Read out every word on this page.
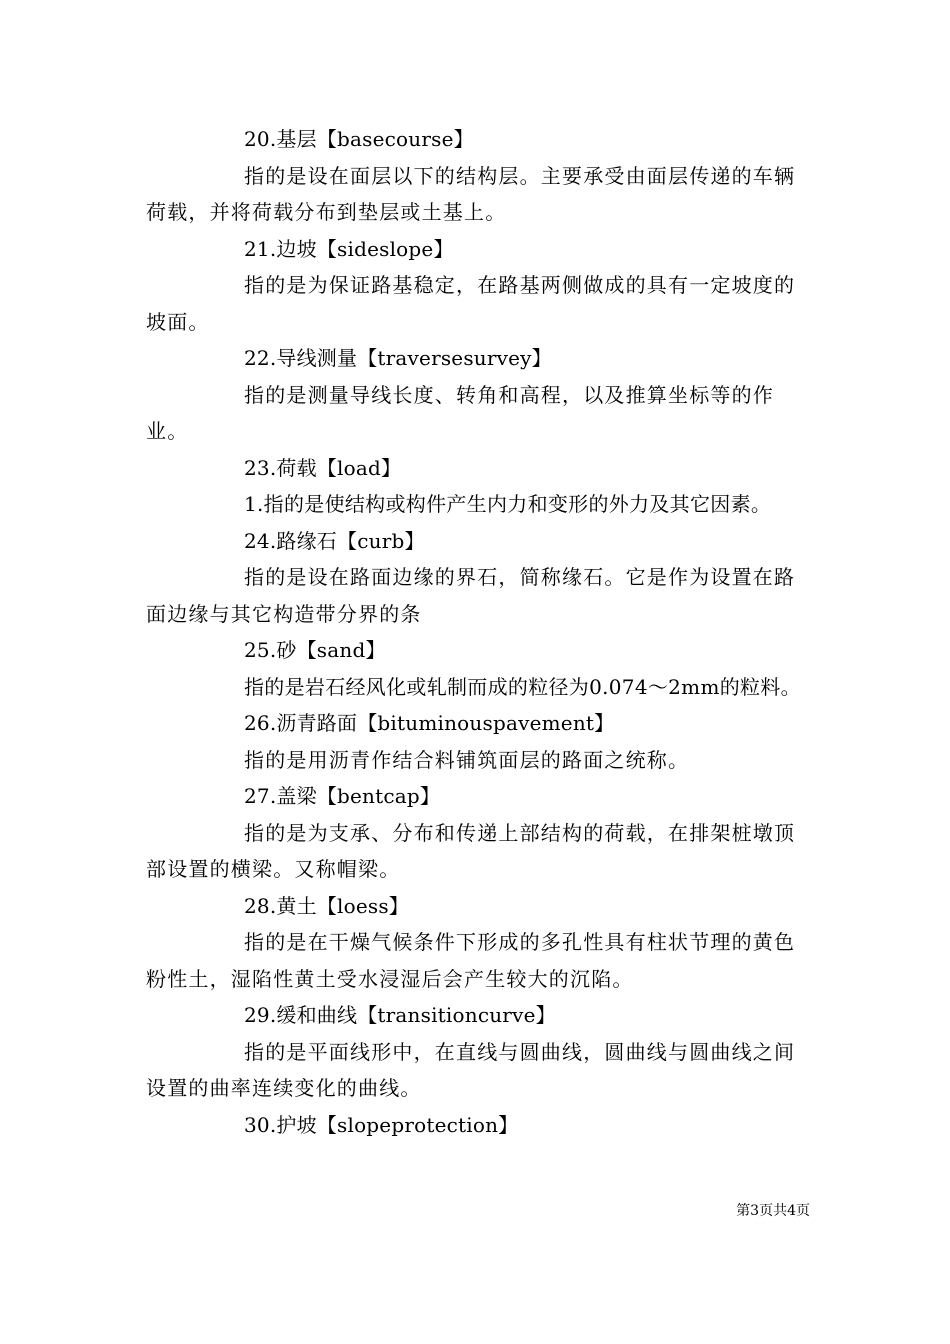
20.基层【basecourse】

指的是设在面层以下的结构层。主要承受由面层传递的车辆荷载，并将荷载分布到垫层或土基上。

21.边坡【sideslope】

指的是为保证路基稳定，在路基两侧做成的具有一定坡度的坡面。

22.导线测量【traversesurvey】

指的是测量导线长度、转角和高程，以及推算坐标等的作业。

23.荷载【load】

1.指的是使结构或构件产生内力和变形的外力及其它因素。

24.路缘石【curb】

指的是设在路面边缘的界石，简称缘石。它是作为设置在路面边缘与其它构造带分界的条

25.砂【sand】

指的是岩石经风化或轧制而成的粒径为0.074～2mm的粒料。

26.沥青路面【bituminouspavement】

指的是用沥青作结合料铺筑面层的路面之统称。

27.盖梁【bentcap】

指的是为支承、分布和传递上部结构的荷载，在排架桩墩顶部设置的横梁。又称帽梁。

28.黄土【loess】

指的是在干燥气候条件下形成的多孔性具有柱状节理的黄色粉性土，湿陷性黄土受水浸湿后会产生较大的沉陷。

29.缓和曲线【transitioncurve】

指的是平面线形中，在直线与圆曲线，圆曲线与圆曲线之间设置的曲率连续变化的曲线。

30.护坡【slopeprotection】
第3页共4页
